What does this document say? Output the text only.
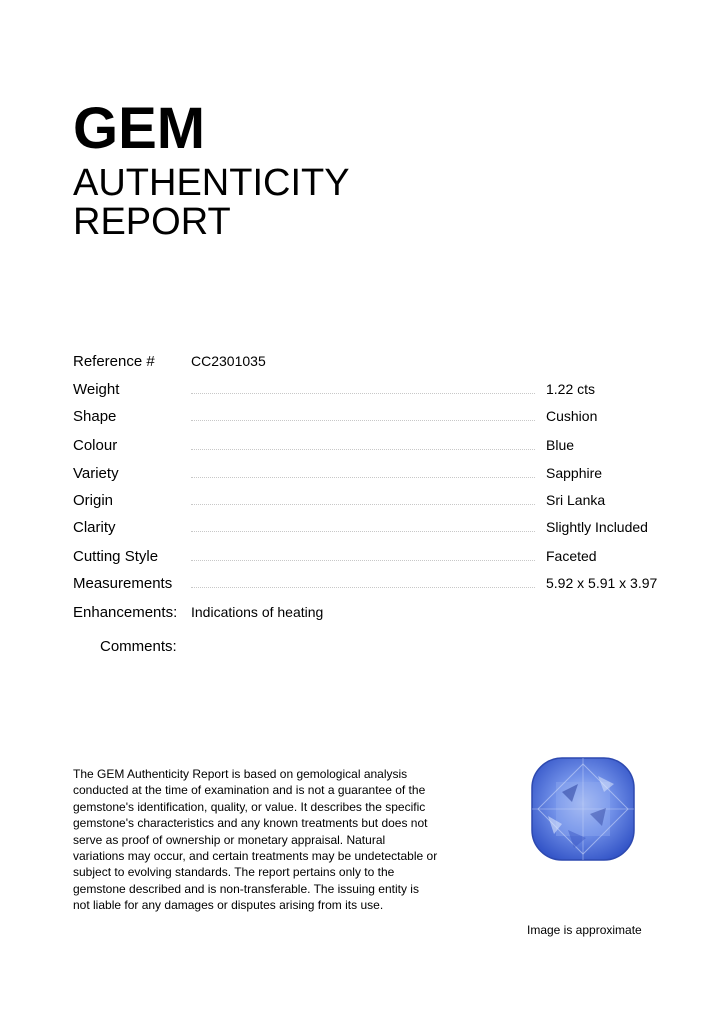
GEM
AUTHENTICITY
REPORT
Reference #	CC2301035
Weight	1.22 cts
Shape	Cushion
Colour	Blue
Variety	Sapphire
Origin	Sri Lanka
Clarity	Slightly Included
Cutting Style	Faceted
Measurements	5.92 x 5.91 x 3.97
Enhancements: Indications of heating
Comments:

The GEM Authenticity Report is based on gemological analysis conducted at the time of examination and is not a guarantee of the gemstone's identification, quality, or value. It describes the specific gemstone's characteristics and any known treatments but does not serve as proof of ownership or monetary appraisal. Natural variations may occur, and certain treatments may be undetectable or subject to evolving standards. The report pertains only to the gemstone described and is non-transferable. The issuing entity is not liable for any damages or disputes arising from its use.

Image is approximate
